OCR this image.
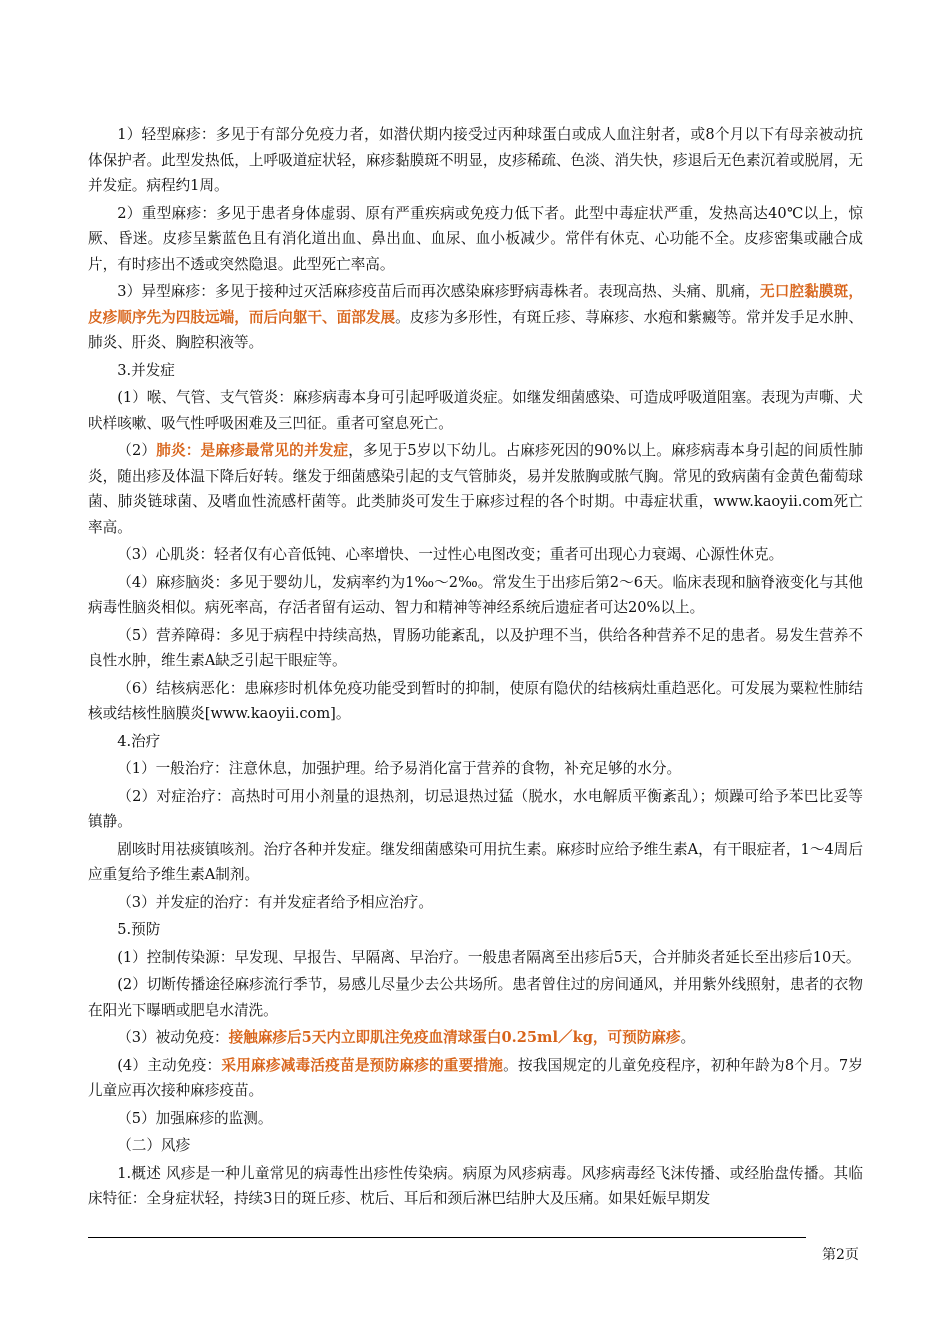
1）轻型麻疹：多见于有部分免疫力者，如潜伏期内接受过丙种球蛋白或成人血注射者，或8个月以下有母亲被动抗体保护者。此型发热低，上呼吸道症状轻，麻疹黏膜斑不明显，皮疹稀疏、色淡、消失快，疹退后无色素沉着或脱屑，无并发症。病程约1周。

2）重型麻疹：多见于患者身体虚弱、原有严重疾病或免疫力低下者。此型中毒症状严重，发热高达40℃以上，惊厥、昏迷。皮疹呈紫蓝色且有消化道出血、鼻出血、血尿、血小板减少。常伴有休克、心功能不全。皮疹密集或融合成片，有时疹出不透或突然隐退。此型死亡率高。

3）异型麻疹：多见于接种过灭活麻疹疫苗后而再次感染麻疹野病毒株者。表现高热、头痛、肌痛，无口腔黏膜斑，皮疹顺序先为四肢远端，而后向躯干、面部发展。皮疹为多形性，有斑丘疹、荨麻疹、水疱和紫癜等。常并发手足水肿、肺炎、肝炎、胸腔积液等。

3.并发症

(1）喉、气管、支气管炎：麻疹病毒本身可引起呼吸道炎症。如继发细菌感染、可造成呼吸道阻塞。表现为声嘶、犬吠样咳嗽、吸气性呼吸困难及三凹征。重者可窒息死亡。

（2）肺炎：是麻疹最常见的并发症，多见于5岁以下幼儿。占麻疹死因的90%以上。麻疹病毒本身引起的间质性肺炎，随出疹及体温下降后好转。继发于细菌感染引起的支气管肺炎，易并发脓胸或脓气胸。常见的致病菌有金黄色葡萄球菌、肺炎链球菌、及嗜血性流感杆菌等。此类肺炎可发生于麻疹过程的各个时期。中毒症状重，www.kaoyii.com死亡率高。

（3）心肌炎：轻者仅有心音低钝、心率增快、一过性心电图改变；重者可出现心力衰竭、心源性休克。

（4）麻疹脑炎：多见于婴幼儿，发病率约为1‰～2‰。常发生于出疹后第2～6天。临床表现和脑脊液变化与其他病毒性脑炎相似。病死率高，存活者留有运动、智力和精神等神经系统后遗症者可达20%以上。

（5）营养障碍：多见于病程中持续高热，胃肠功能紊乱，以及护理不当，供给各种营养不足的患者。易发生营养不良性水肿，维生素A缺乏引起干眼症等。

（6）结核病恶化：患麻疹时机体免疫功能受到暂时的抑制，使原有隐伏的结核病灶重趋恶化。可发展为粟粒性肺结核或结核性脑膜炎[www.kaoyii.com]。

4.治疗

（1）一般治疗：注意休息，加强护理。给予易消化富于营养的食物，补充足够的水分。

（2）对症治疗：高热时可用小剂量的退热剂，切忌退热过猛（脱水，水电解质平衡紊乱）；烦躁可给予苯巴比妥等镇静。

剧咳时用祛痰镇咳剂。治疗各种并发症。继发细菌感染可用抗生素。麻疹时应给予维生素A，有干眼症者，1～4周后应重复给予维生素A制剂。

（3）并发症的治疗：有并发症者给予相应治疗。

5.预防

(1）控制传染源：早发现、早报告、早隔离、早治疗。一般患者隔离至出疹后5天，合并肺炎者延长至出疹后10天。

(2）切断传播途径麻疹流行季节，易感儿尽量少去公共场所。患者曾住过的房间通风，并用紫外线照射，患者的衣物在阳光下曝晒或肥皂水清洗。

（3）被动免疫：接触麻疹后5天内立即肌注免疫血清球蛋白0.25ml／kg，可预防麻疹。

(4）主动免疫：采用麻疹减毒活疫苗是预防麻疹的重要措施。按我国规定的儿童免疫程序，初种年龄为8个月。7岁儿童应再次接种麻疹疫苗。

（5）加强麻疹的监测。

（二）风疹

1.概述 风疹是一种儿童常见的病毒性出疹性传染病。病原为风疹病毒。风疹病毒经飞沫传播、或经胎盘传播。其临床特征：全身症状轻，持续3日的斑丘疹、枕后、耳后和颈后淋巴结肿大及压痛。如果妊娠早期发

第2页
